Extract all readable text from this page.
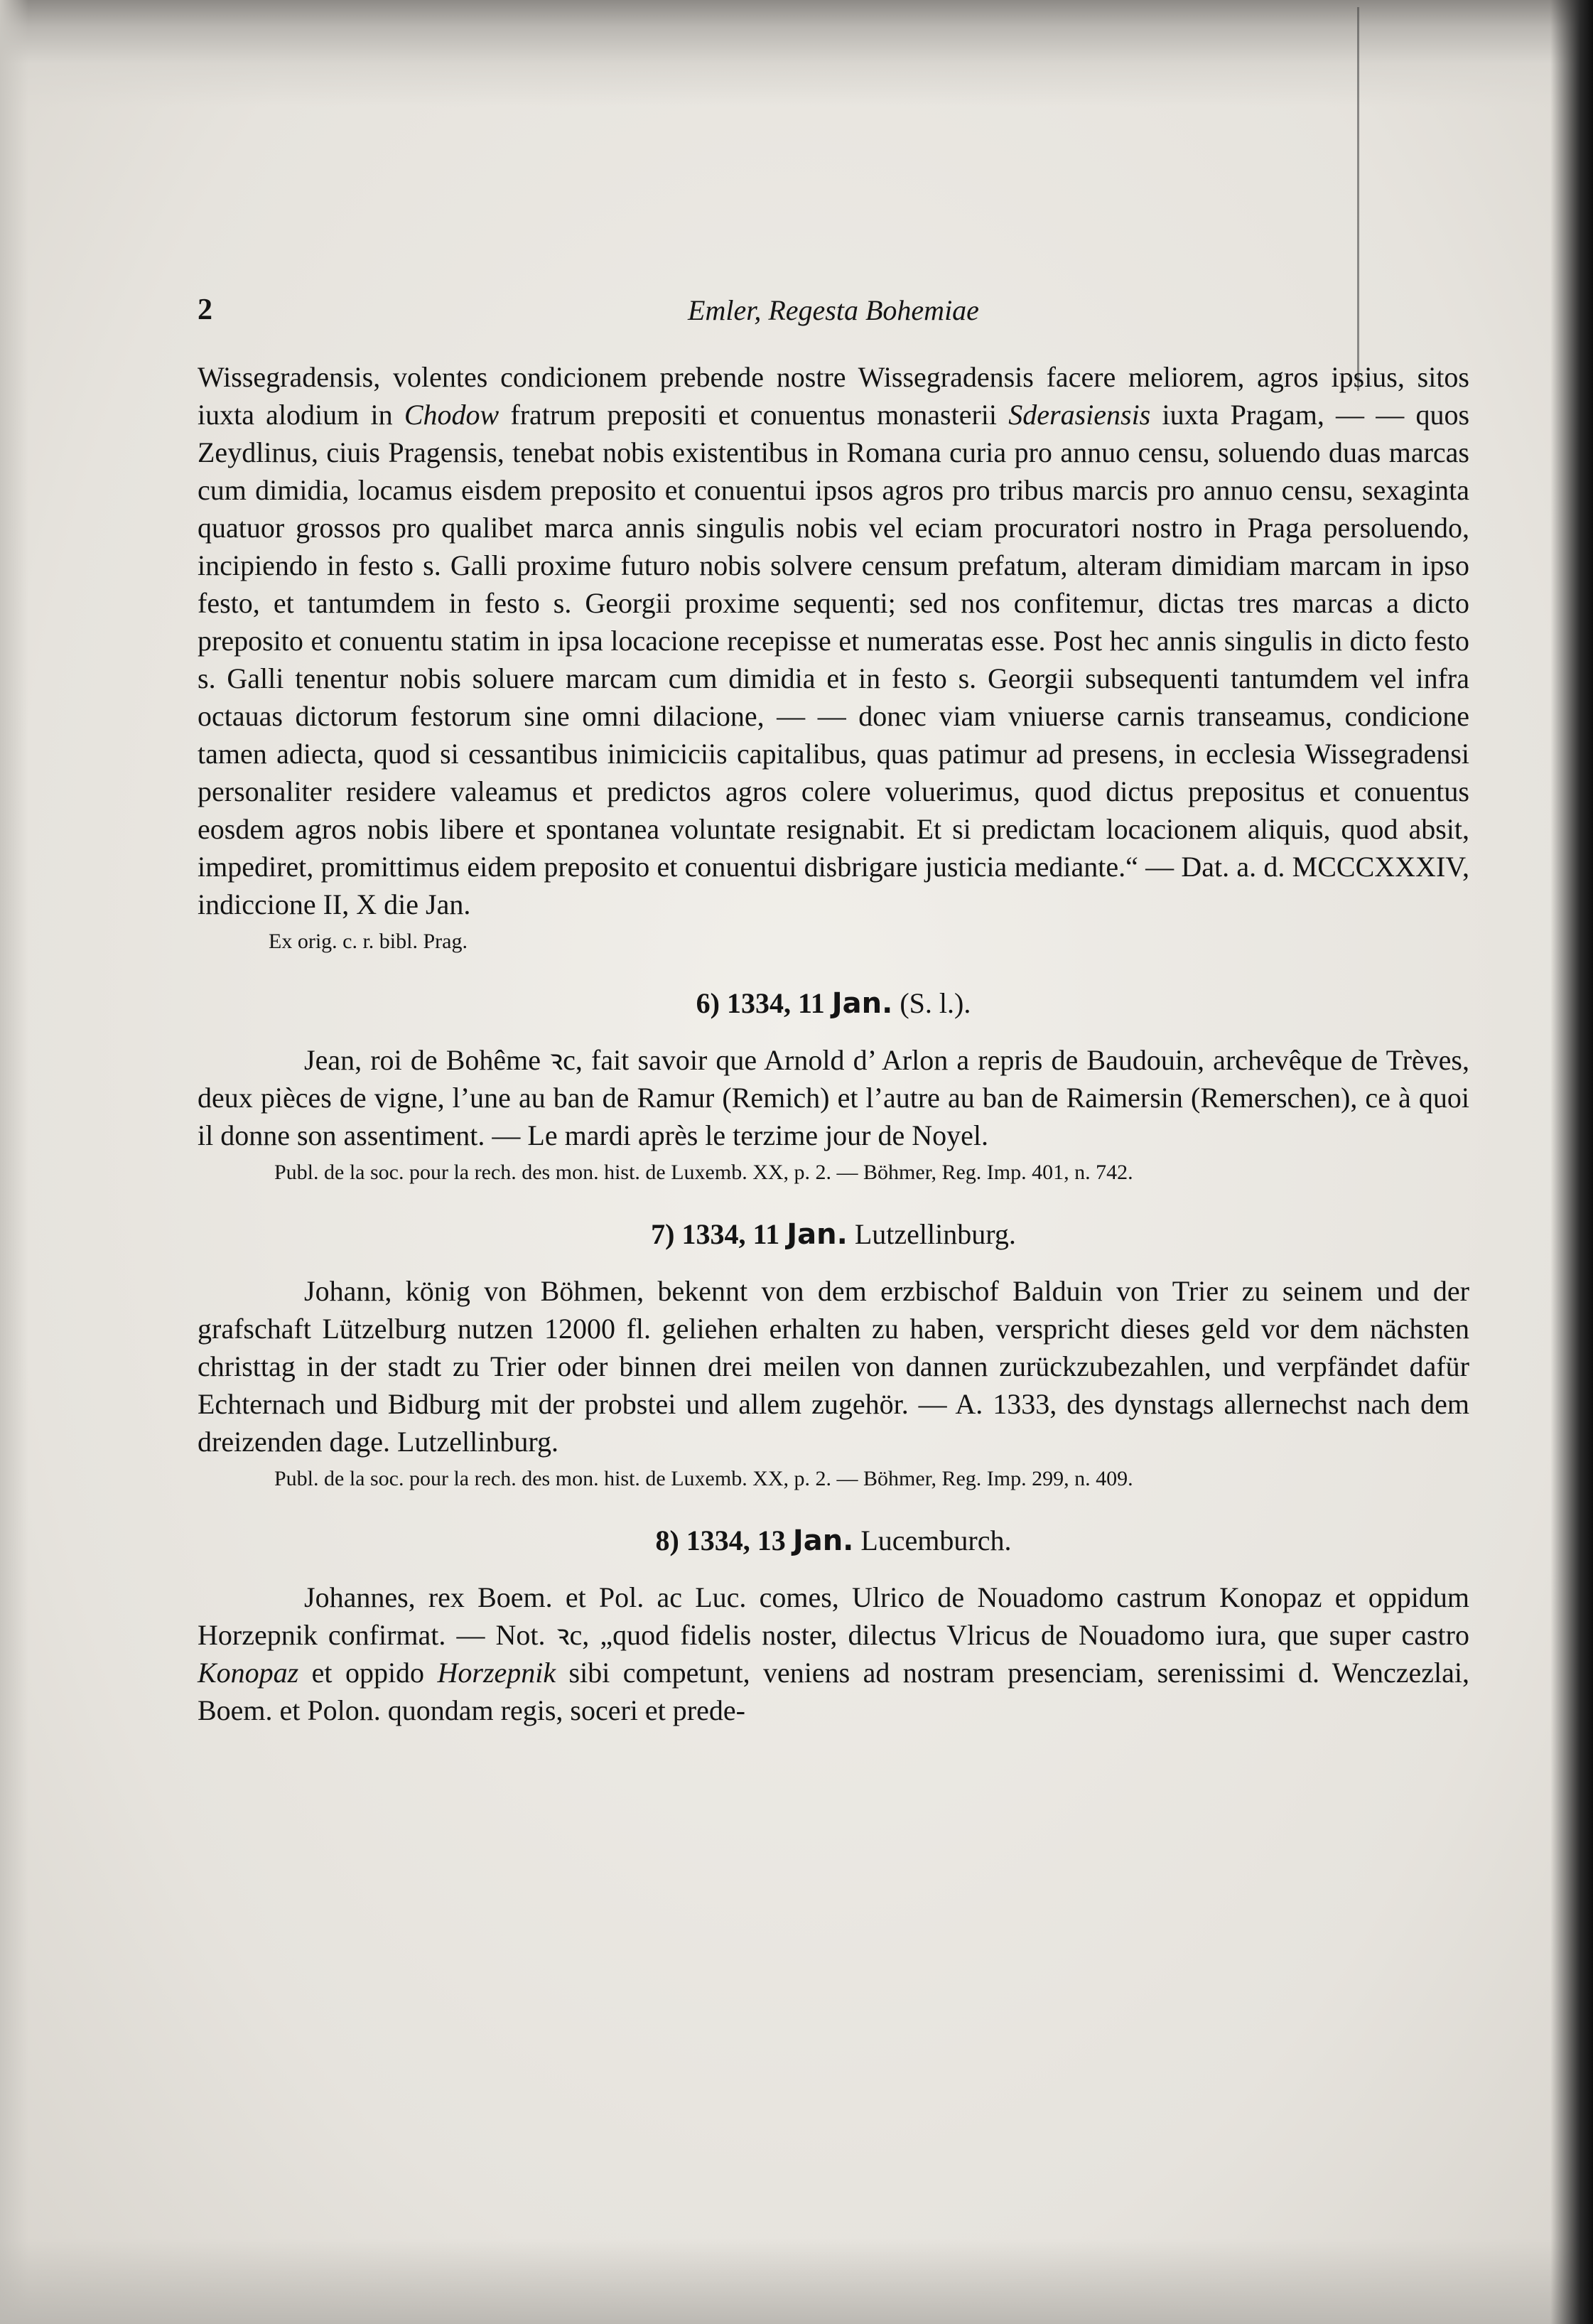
2	Emler, Regesta Bohemiae

Wissegradensis, volentes condicionem prebende nostre Wissegradensis facere meliorem, agros ipsius, sitos iuxta alodium in Chodow fratrum prepositi et conuentus monasterii Sderasiensis iuxta Pragam, — — quos Zeydlinus, ciuis Pragensis, tenebat nobis existentibus in Romana curia pro annuo censu, soluendo duas marcas cum dimidia, locamus eisdem preposito et conuentui ipsos agros pro tribus marcis pro annuo censu, sexaginta quatuor grossos pro qualibet marca annis singulis nobis vel eciam procuratori nostro in Praga persoluendo, incipiendo in festo s. Galli proxime futuro nobis solvere censum prefatum, alteram dimidiam marcam in ipso festo, et tantumdem in festo s. Georgii proxime sequenti; sed nos confitemur, dictas tres marcas a dicto preposito et conuentu statim in ipsa locacione recepisse et numeratas esse. Post hec annis singulis in dicto festo s. Galli tenentur nobis soluere marcam cum dimidia et in festo s. Georgii subsequenti tantumdem vel infra octauas dictorum festorum sine omni dilacione, — — donec viam vniuerse carnis transeamus, condicione tamen adiecta, quod si cessantibus inimiciciis capitalibus, quas patimur ad presens, in ecclesia Wissegradensi personaliter residere valeamus et predictos agros colere voluerimus, quod dictus prepositus et conuentus eosdem agros nobis libere et spontanea voluntate resignabit. Et si predictam locacionem aliquis, quod absit, impediret, promittimus eidem preposito et conuentui disbrigare justicia mediante.“ — Dat. a. d. MCCCXXXIV, indiccione II, X die Jan.

Ex orig. c. r. bibl. Prag.

6) 1334, 11 Jan. (S. l.).

Jean, roi de Bohême ꝛc, fait savoir que Arnold d’ Arlon a repris de Baudouin, archevêque de Trèves, deux pièces de vigne, l’une au ban de Ramur (Remich) et l’autre au ban de Raimersin (Remerschen), ce à quoi il donne son assentiment. — Le mardi après le terzime jour de Noyel.

Publ. de la soc. pour la rech. des mon. hist. de Luxemb. XX, p. 2. — Böhmer, Reg. Imp. 401, n. 742.

7) 1334, 11 Jan. Lutzellinburg.

Johann, könig von Böhmen, bekennt von dem erzbischof Balduin von Trier zu seinem und der grafschaft Lützelburg nutzen 12000 fl. geliehen erhalten zu haben, verspricht dieses geld vor dem nächsten christtag in der stadt zu Trier oder binnen drei meilen von dannen zurückzubezahlen, und verpfändet dafür Echternach und Bidburg mit der probstei und allem zugehör. — A. 1333, des dynstags allernechst nach dem dreizenden dage. Lutzellinburg.

Publ. de la soc. pour la rech. des mon. hist. de Luxemb. XX, p. 2. — Böhmer, Reg. Imp. 299, n. 409.

8) 1334, 13 Jan. Lucemburch.

Johannes, rex Boem. et Pol. ac Luc. comes, Ulrico de Nouadomo castrum Konopaz et oppidum Horzepnik confirmat. — Not. ꝛc, „quod fidelis noster, dilectus Vlricus de Nouadomo iura, que super castro Konopaz et oppido Horzepnik sibi competunt, veniens ad nostram presenciam, serenissimi d. Wenczezlai, Boem. et Polon. quondam regis, soceri et prede-
